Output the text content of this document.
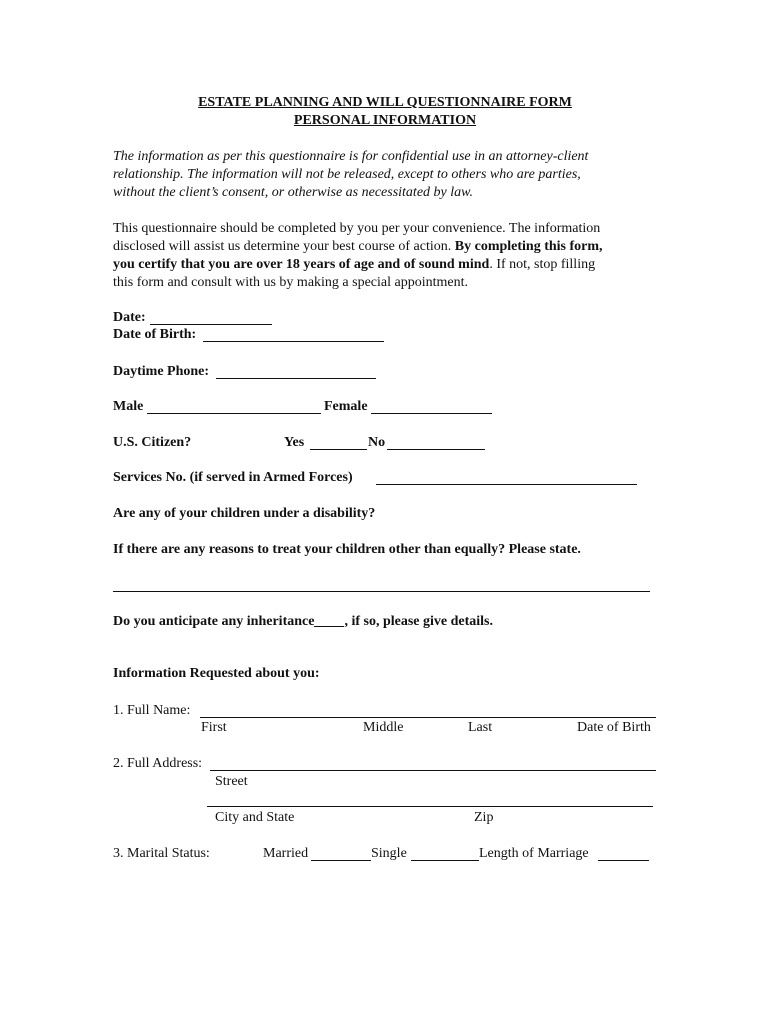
ESTATE PLANNING AND WILL QUESTIONNAIRE FORM
PERSONAL INFORMATION
The information as per this questionnaire is for confidential use in an attorney-client
relationship. The information will not be released, except to others who are parties,
without the client’s consent, or otherwise as necessitated by law.
This questionnaire should be completed by you per your convenience. The information
disclosed will assist us determine your best course of action. By completing this form,
you certify that you are over 18 years of age and of sound mind. If not, stop filling
this form and consult with us by making a special appointment.
Date:
Date of Birth:
Daytime Phone:
Male	Female
U.S. Citizen?	Yes	No
Services No. (if served in Armed Forces)
Are any of your children under a disability?
If there are any reasons to treat your children other than equally? Please state.
Do you anticipate any inheritance , if so, please give details.
Information Requested about you:
1. Full Name:
First	Middle	Last	Date of Birth
2. Full Address:
Street
City and State	Zip
3. Marital Status:	Married	Single	Length of Marriage
